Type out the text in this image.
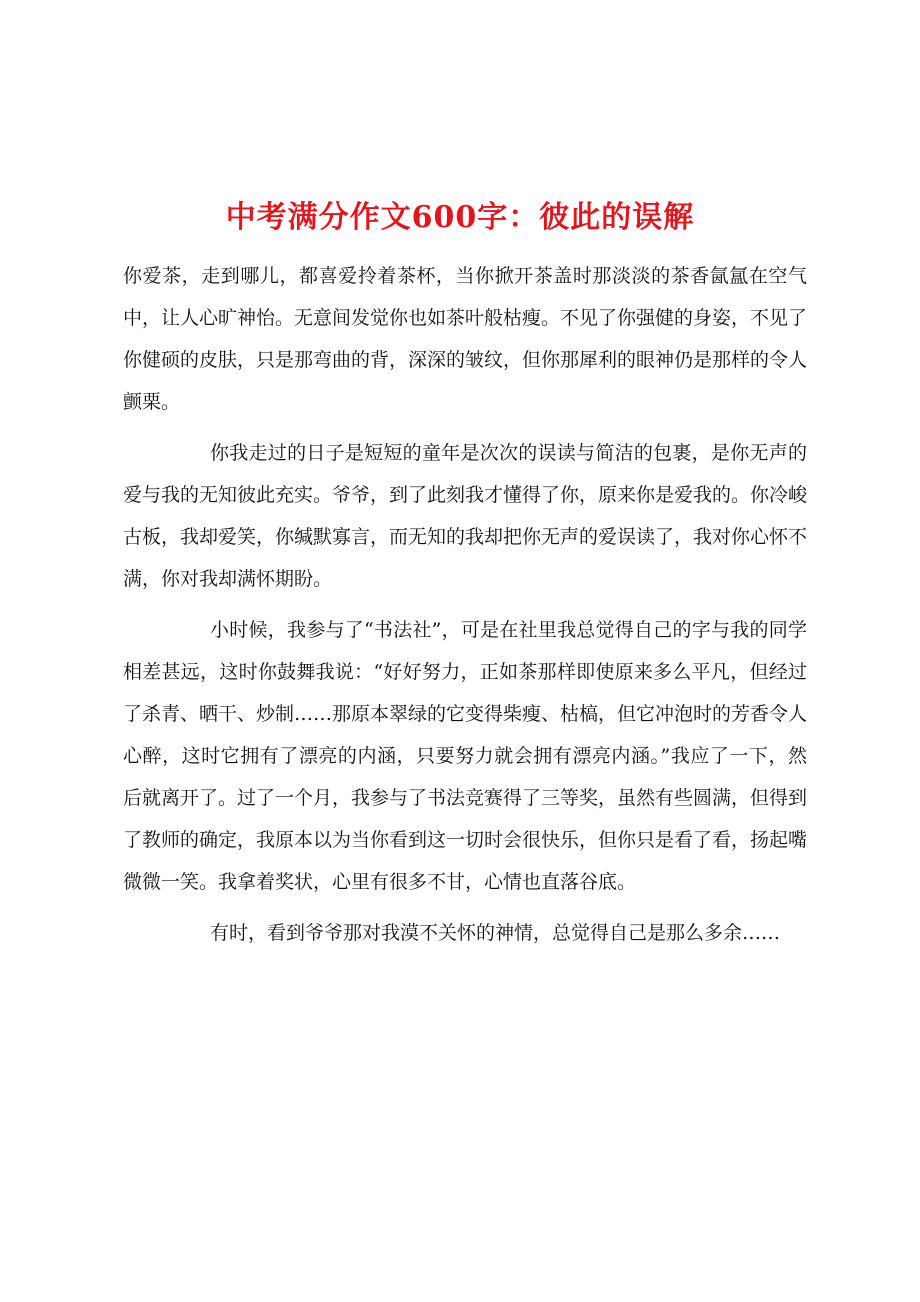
中考满分作文600字：彼此的误解

你爱茶，走到哪儿，都喜爱拎着茶杯，当你掀开茶盖时那淡淡的茶香氤氲在空气中，让人心旷神怡。无意间发觉你也如茶叶般枯瘦。不见了你强健的身姿，不见了你健硕的皮肤，只是那弯曲的背，深深的皱纹，但你那犀利的眼神仍是那样的令人颤栗。

你我走过的日子是短短的童年是次次的误读与简洁的包裹，是你无声的爱与我的无知彼此充实。爷爷，到了此刻我才懂得了你，原来你是爱我的。你冷峻古板，我却爱笑，你缄默寡言，而无知的我却把你无声的爱误读了，我对你心怀不满，你对我却满怀期盼。

小时候，我参与了“书法社”，可是在社里我总觉得自己的字与我的同学相差甚远，这时你鼓舞我说：“好好努力，正如茶那样即使原来多么平凡，但经过了杀青、晒干、炒制……那原本翠绿的它变得柴瘦、枯槁，但它冲泡时的芳香令人心醉，这时它拥有了漂亮的内涵，只要努力就会拥有漂亮内涵。”我应了一下，然后就离开了。过了一个月，我参与了书法竞赛得了三等奖，虽然有些圆满，但得到了教师的确定，我原本以为当你看到这一切时会很快乐，但你只是看了看，扬起嘴微微一笑。我拿着奖状，心里有很多不甘，心情也直落谷底。

有时，看到爷爷那对我漠不关怀的神情，总觉得自己是那么多余……
